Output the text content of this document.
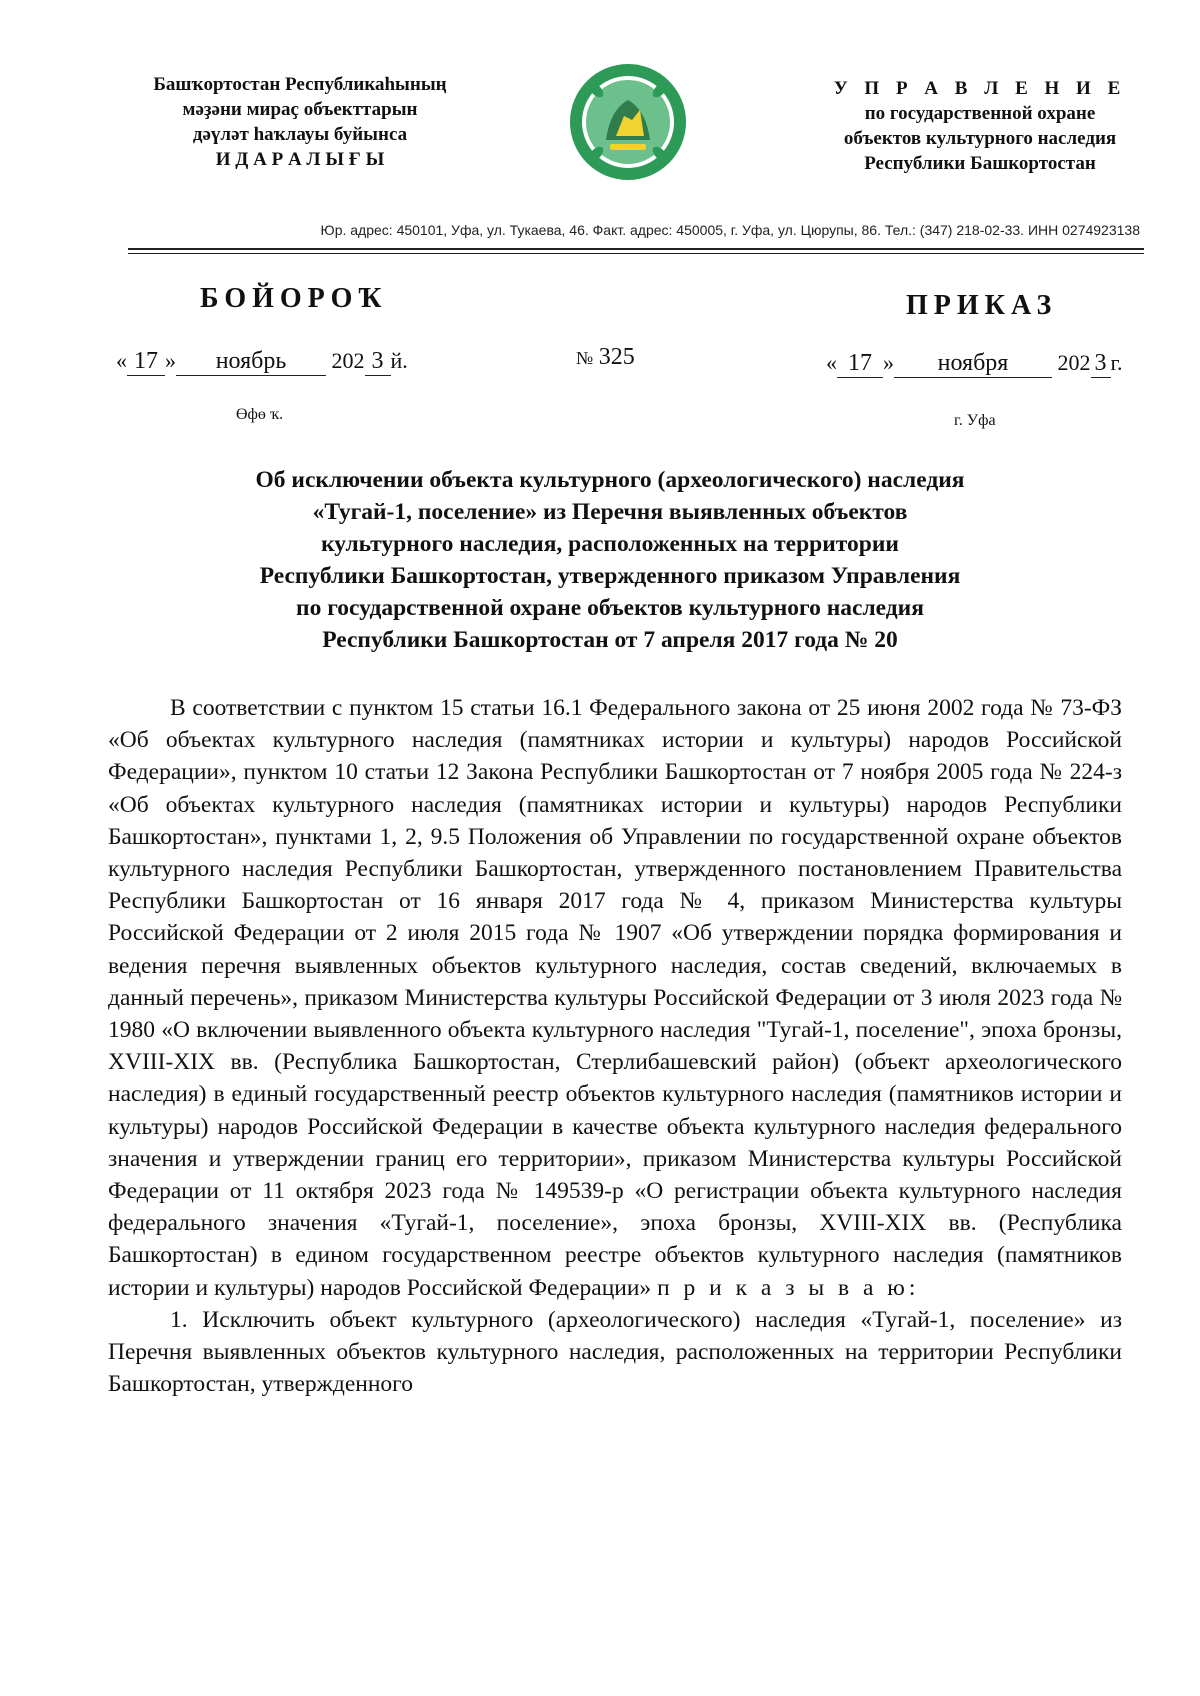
Башҡортостан Республикаһының
мәҙәни мираҫ объекттарын
дәүләт һаҡлауы буйынса
И Д А Р А Л Ы Ғ Ы
У П Р А В Л Е Н И Е
по государственной охране
объектов культурного наследия
Республики Башкортостан
Юр. адрес: 450101, Уфа, ул. Тукаева, 46. Факт. адрес: 450005, г. Уфа, ул. Цюрупы, 86. Тел.: (347) 218-02-33. ИНН 0274923138
БОЙОРОҠ	ПРИКАЗ
« 17 » ноябрь 202 3 й.	№ 325	« 17 » ноября 202 3 г.
Өфө ҡ.	г. Уфа
Об исключении объекта культурного (археологического) наследия
«Тугай-1, поселение» из Перечня выявленных объектов
культурного наследия, расположенных на территории
Республики Башкортостан, утвержденного приказом Управления
по государственной охране объектов культурного наследия
Республики Башкортостан от 7 апреля 2017 года № 20

В соответствии с пунктом 15 статьи 16.1 Федерального закона от 25 июня 2002 года № 73-ФЗ «Об объектах культурного наследия (памятниках истории и культуры) народов Российской Федерации», пунктом 10 статьи 12 Закона Республики Башкортостан от 7 ноября 2005 года № 224-з «Об объектах культурного наследия (памятниках истории и культуры) народов Республики Башкортостан», пунктами 1, 2, 9.5 Положения об Управлении по государственной охране объектов культурного наследия Республики Башкортостан, утвержденного постановлением Правительства Республики Башкортостан от 16 января 2017 года № 4, приказом Министерства культуры Российской Федерации от 2 июля 2015 года № 1907 «Об утверждении порядка формирования и ведения перечня выявленных объектов культурного наследия, состав сведений, включаемых в данный перечень», приказом Министерства культуры Российской Федерации от 3 июля 2023 года № 1980 «О включении выявленного объекта культурного наследия "Тугай-1, поселение", эпоха бронзы, XVIII-XIX вв. (Республика Башкортостан, Стерлибашевский район) (объект археологического наследия) в единый государственный реестр объектов культурного наследия (памятников истории и культуры) народов Российской Федерации в качестве объекта культурного наследия федерального значения и утверждении границ его территории», приказом Министерства культуры Российской Федерации от 11 октября 2023 года № 149539-р «О регистрации объекта культурного наследия федерального значения «Тугай-1, поселение», эпоха бронзы, XVIII-XIX вв. (Республика Башкортостан) в едином государственном реестре объектов культурного наследия (памятников истории и культуры) народов Российской Федерации» п р и к а з ы в а ю:

1. Исключить объект культурного (археологического) наследия «Тугай-1, поселение» из Перечня выявленных объектов культурного наследия, расположенных на территории Республики Башкортостан, утвержденного
